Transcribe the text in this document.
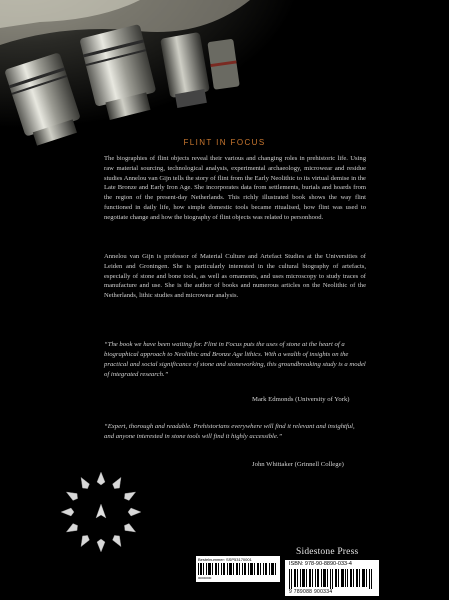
FLINT IN FOCUS

The biographies of flint objects reveal their various and changing roles in prehistoric life. Using raw material sourcing, technological analysis, experimental archaeology, microwear and residue studies Annelou van Gijn tells the story of flint from the Early Neolithic to its virtual demise in the Late Bronze and Early Iron Age. She incorporates data from settlements, burials and hoards from the region of the present-day Netherlands. This richly illustrated book shows the way flint functioned in daily life, how simple domestic tools became ritualised, how flint was used to negotiate change and how the biography of flint objects was related to personhood.

Annelou van Gijn is professor of Material Culture and Artefact Studies at the Universities of Leiden and Groningen. She is particularly interested in the cultural biography of artefacts, especially of stone and bone tools, as well as ornaments, and uses microscopy to study traces of manufacture and use. She is the author of books and numerous articles on the Neolithic of the Netherlands, lithic studies and microwear analysis.

“The book we have been waiting for. Flint in Focus puts the uses of stone at the heart of a biographical approach to Neolithic and Bronze Age lithics. With a wealth of insights on the practical and social significance of stone and stoneworking, this groundbreaking study is a model of integrated research.”

Mark Edmonds (University of York)

“Expert, thorough and readable. Prehistorians everywhere will find it relevant and insightful, and anyone interested in stone tools will find it highly accessible.”

John Whittaker (Grinnell College)
Bestelnummer: SSP53170001
00000000
Sidestone Press
ISBN: 978-90-8890-033-4
9 789088 900334
